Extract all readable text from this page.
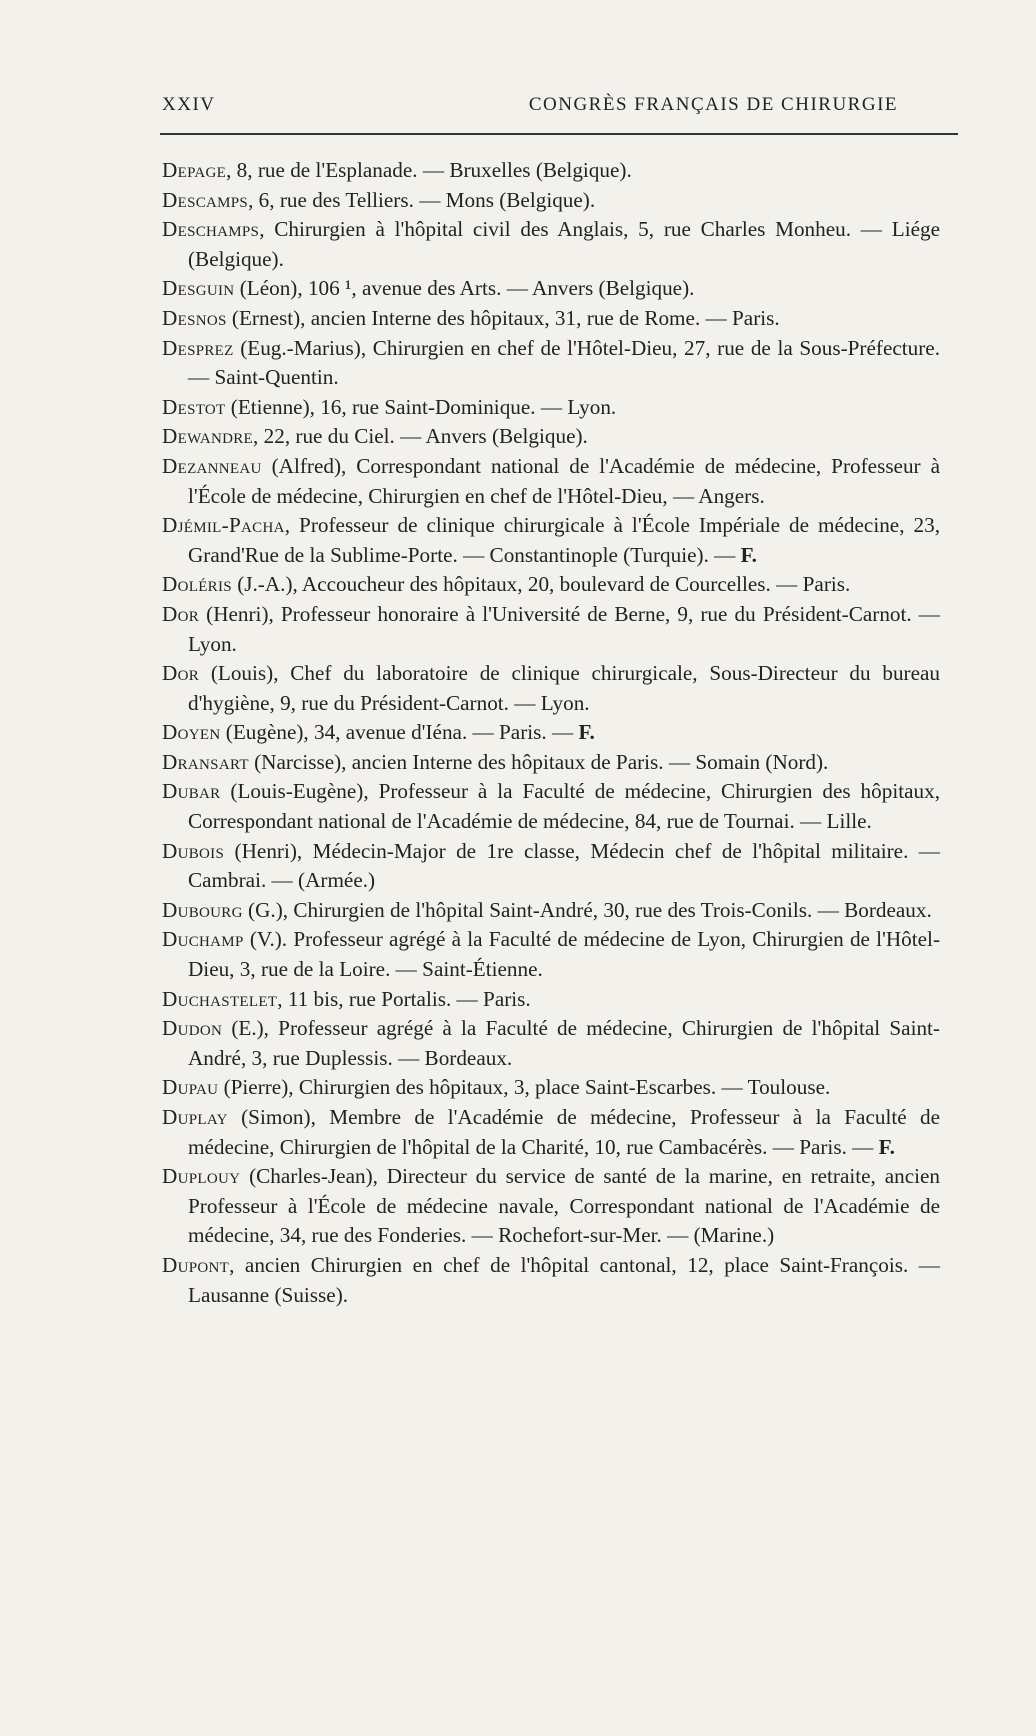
XXIV	CONGRÈS FRANÇAIS DE CHIRURGIE

Depage, 8, rue de l'Esplanade. — Bruxelles (Belgique).

Descamps, 6, rue des Telliers. — Mons (Belgique).

Deschamps, Chirurgien à l'hôpital civil des Anglais, 5, rue Charles Monheu. — Liége (Belgique).

Desguin (Léon), 106 ¹, avenue des Arts. — Anvers (Belgique).

Desnos (Ernest), ancien Interne des hôpitaux, 31, rue de Rome. — Paris.

Desprez (Eug.-Marius), Chirurgien en chef de l'Hôtel-Dieu, 27, rue de la Sous-Préfecture. — Saint-Quentin.

Destot (Etienne), 16, rue Saint-Dominique. — Lyon.

Dewandre, 22, rue du Ciel. — Anvers (Belgique).

Dezanneau (Alfred), Correspondant national de l'Académie de médecine, Professeur à l'École de médecine, Chirurgien en chef de l'Hôtel-Dieu, — Angers.

Djémil-Pacha, Professeur de clinique chirurgicale à l'École Impériale de médecine, 23, Grand'Rue de la Sublime-Porte. — Constantinople (Turquie). — F.

Doléris (J.-A.), Accoucheur des hôpitaux, 20, boulevard de Courcelles. — Paris.

Dor (Henri), Professeur honoraire à l'Université de Berne, 9, rue du Président-Carnot. — Lyon.

Dor (Louis), Chef du laboratoire de clinique chirurgicale, Sous-Directeur du bureau d'hygiène, 9, rue du Président-Carnot. — Lyon.

Doyen (Eugène), 34, avenue d'Iéna. — Paris. — F.

Dransart (Narcisse), ancien Interne des hôpitaux de Paris. — Somain (Nord).

Dubar (Louis-Eugène), Professeur à la Faculté de médecine, Chirurgien des hôpitaux, Correspondant national de l'Académie de médecine, 84, rue de Tournai. — Lille.

Dubois (Henri), Médecin-Major de 1re classe, Médecin chef de l'hôpital militaire. — Cambrai. — (Armée.)

Dubourg (G.), Chirurgien de l'hôpital Saint-André, 30, rue des Trois-Conils. — Bordeaux.

Duchamp (V.). Professeur agrégé à la Faculté de médecine de Lyon, Chirurgien de l'Hôtel-Dieu, 3, rue de la Loire. — Saint-Étienne.

Duchastelet, 11 bis, rue Portalis. — Paris.

Dudon (E.), Professeur agrégé à la Faculté de médecine, Chirurgien de l'hôpital Saint-André, 3, rue Duplessis. — Bordeaux.

Dupau (Pierre), Chirurgien des hôpitaux, 3, place Saint-Escarbes. — Toulouse.

Duplay (Simon), Membre de l'Académie de médecine, Professeur à la Faculté de médecine, Chirurgien de l'hôpital de la Charité, 10, rue Cambacérès. — Paris. — F.

Duplouy (Charles-Jean), Directeur du service de santé de la marine, en retraite, ancien Professeur à l'École de médecine navale, Correspondant national de l'Académie de médecine, 34, rue des Fonderies. — Rochefort-sur-Mer. — (Marine.)

Dupont, ancien Chirurgien en chef de l'hôpital cantonal, 12, place Saint-François. — Lausanne (Suisse).
